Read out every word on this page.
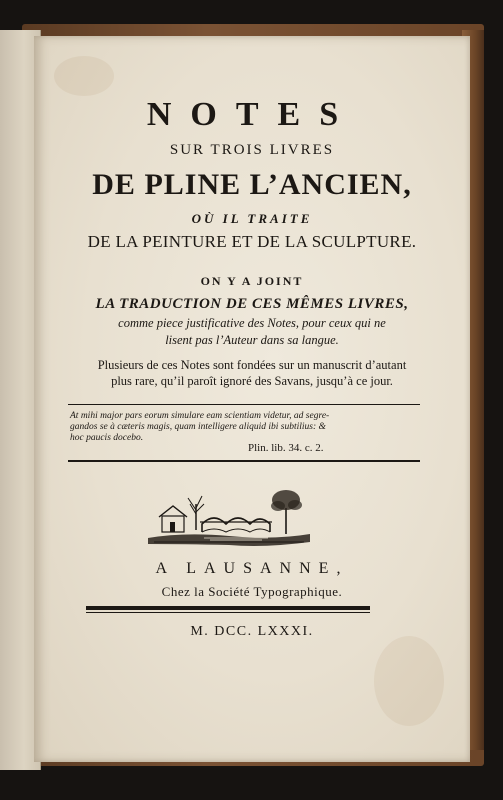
NOTES
SUR TROIS LIVRES
DE PLINE L’ANCIEN,
OÙ IL TRAITE
DE LA PEINTURE ET DE LA SCULPTURE.
ON Y A JOINT
LA TRADUCTION DE CES MÊMES LIVRES,
comme piece justificative des Notes, pour ceux qui ne
lisent pas l’Auteur dans sa langue.
Plusieurs de ces Notes sont fondées sur un manuscrit d’autant
plus rare, qu’il paroît ignoré des Savans, jusqu’à ce jour.
At mihi major pars eorum simulare eam scientiam videtur, ad segre-
gandos se à cæteris magis, quam intelligere aliquid ibi subtilius: &
hoc paucis docebo.
Plin. lib. 34. c. 2.
A LAUSANNE,
Chez la Société Typographique.
M. DCC. LXXXI.
